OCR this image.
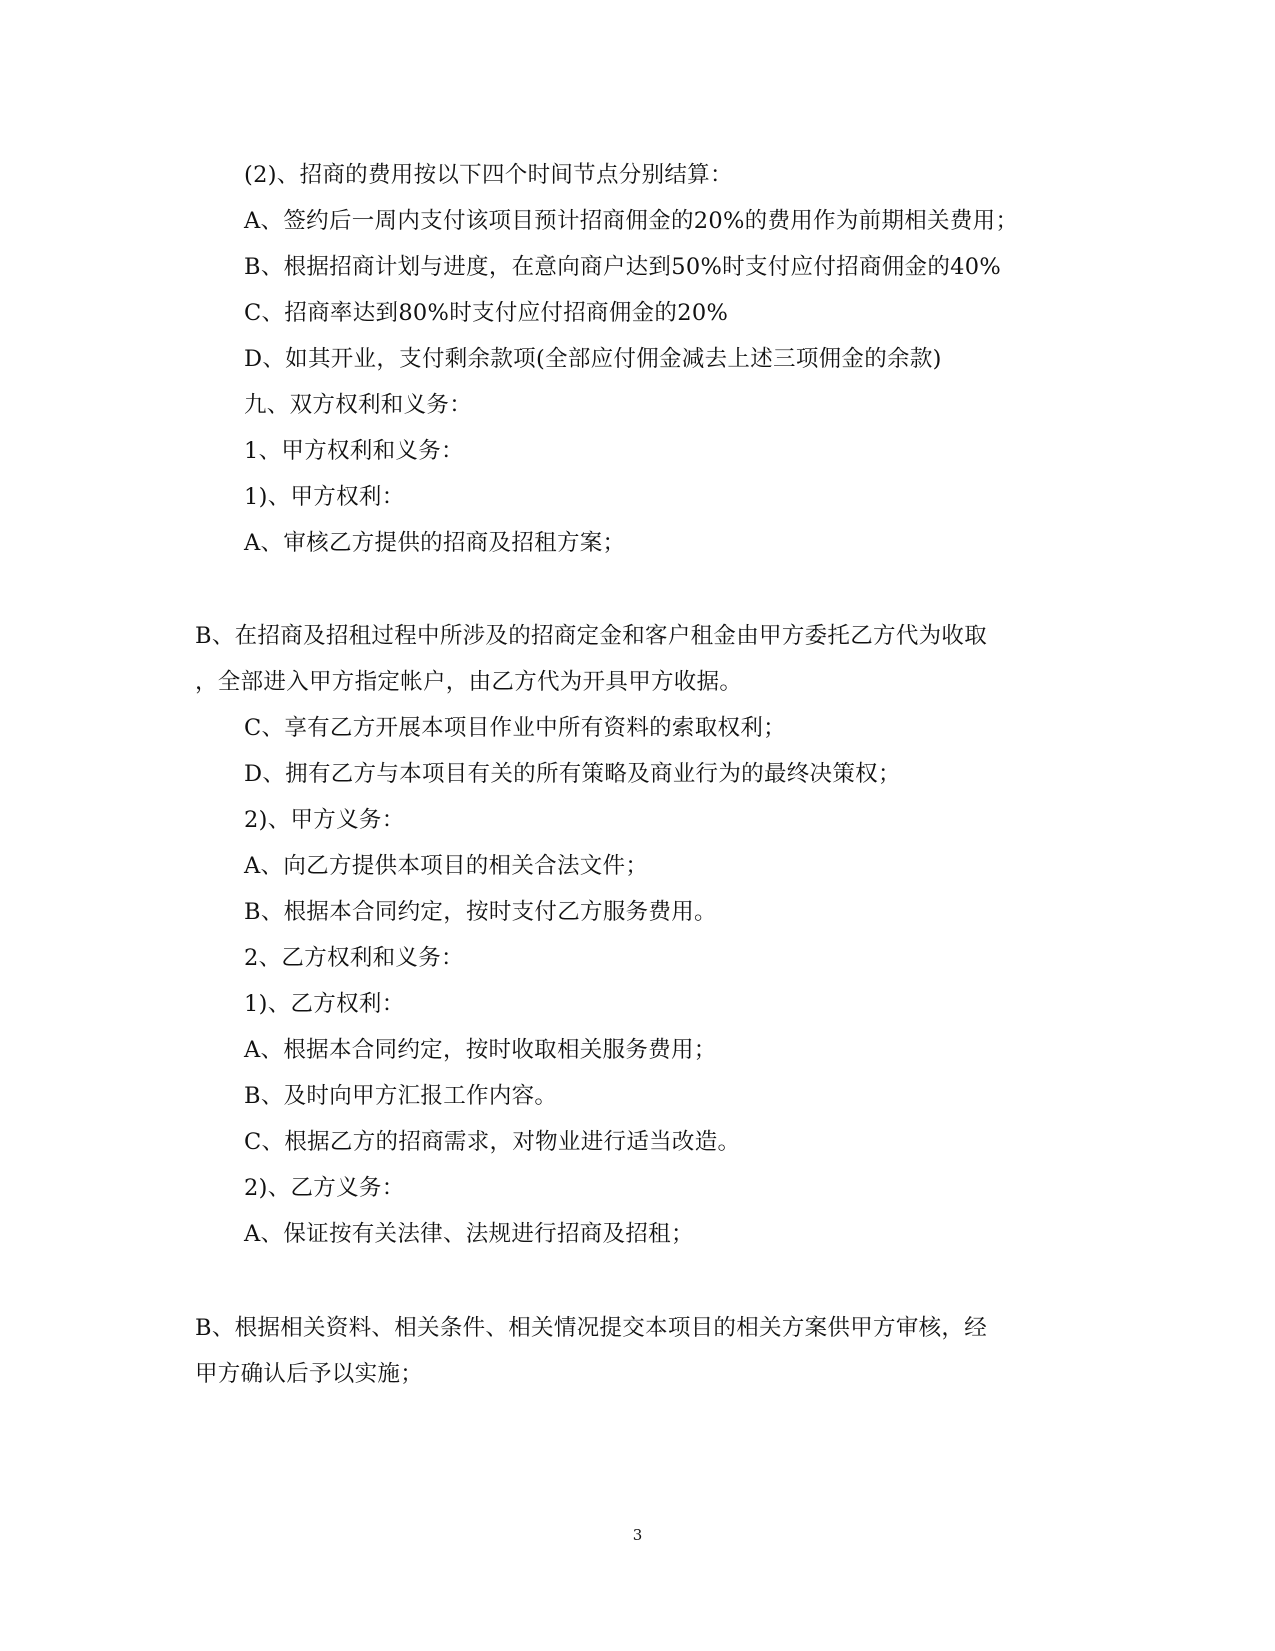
(2)、招商的费用按以下四个时间节点分别结算：
A、签约后一周内支付该项目预计招商佣金的20%的费用作为前期相关费用；
B、根据招商计划与进度，在意向商户达到50%时支付应付招商佣金的40%
C、招商率达到80%时支付应付招商佣金的20%
D、如其开业，支付剩余款项(全部应付佣金减去上述三项佣金的余款)
九、双方权利和义务：
1、甲方权利和义务：
1)、甲方权利：
A、审核乙方提供的招商及招租方案；
B、在招商及招租过程中所涉及的招商定金和客户租金由甲方委托乙方代为收取
，全部进入甲方指定帐户，由乙方代为开具甲方收据。
C、享有乙方开展本项目作业中所有资料的索取权利；
D、拥有乙方与本项目有关的所有策略及商业行为的最终决策权；
2)、甲方义务：
A、向乙方提供本项目的相关合法文件；
B、根据本合同约定，按时支付乙方服务费用。
2、乙方权利和义务：
1)、乙方权利：
A、根据本合同约定，按时收取相关服务费用；
B、及时向甲方汇报工作内容。
C、根据乙方的招商需求，对物业进行适当改造。
2)、乙方义务：
A、保证按有关法律、法规进行招商及招租；
B、根据相关资料、相关条件、相关情况提交本项目的相关方案供甲方审核，经
甲方确认后予以实施；
3
